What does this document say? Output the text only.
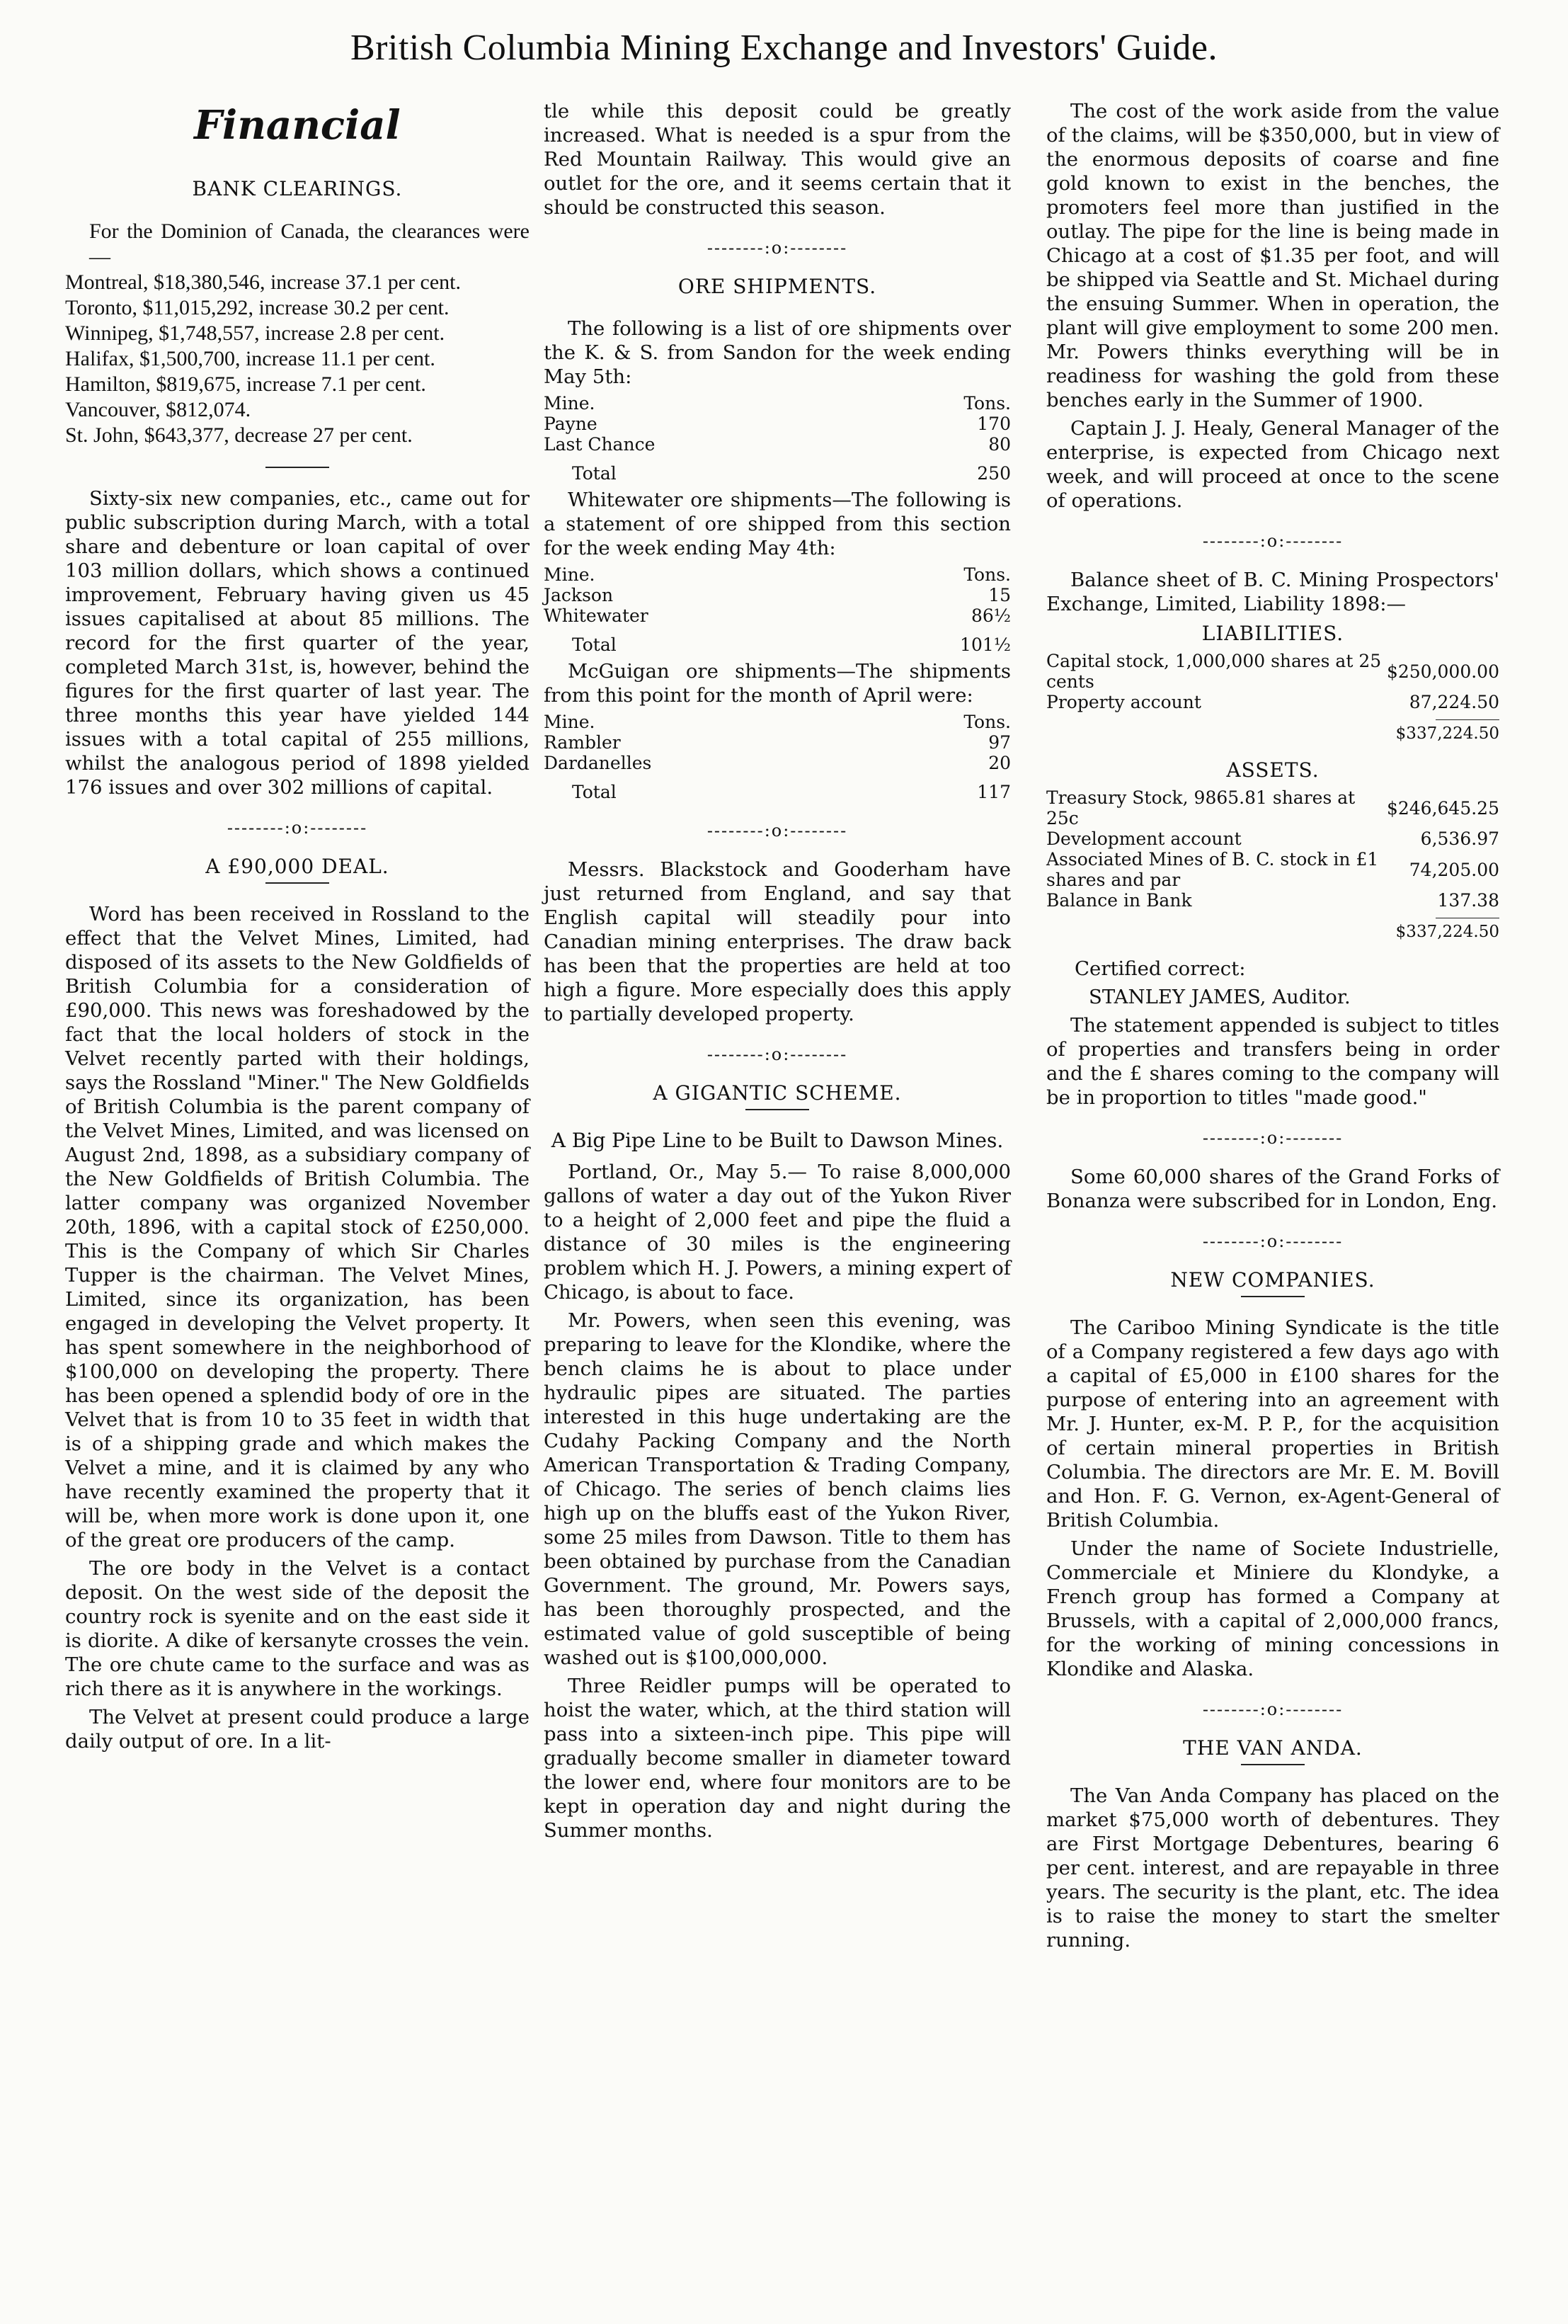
British Columbia Mining Exchange and Investors' Guide.
Financial
BANK CLEARINGS.

For the Dominion of Canada, the clearances were—

Montreal, $18,380,546, increase 37.1 per cent.

Toronto, $11,015,292, increase 30.2 per cent.

Winnipeg, $1,748,557, increase 2.8 per cent.

Halifax, $1,500,700, increase 11.1 per cent.

Hamilton, $819,675, increase 7.1 per cent.

Vancouver, $812,074.

St. John, $643,377, decrease 27 per cent.

Sixty-six new companies, etc., came out for public subscription during March, with a total share and debenture or loan capital of over 103 million dollars, which shows a continued improvement, February having given us 45 issues capitalised at about 85 millions. The record for the first quarter of the year, completed March 31st, is, however, behind the figures for the first quarter of last year. The three months this year have yielded 144 issues with a total capital of 255 millions, whilst the analogous period of 1898 yielded 176 issues and over 302 millions of capital.

--------:o:--------
A £90,000 DEAL.

Word has been received in Rossland to the effect that the Velvet Mines, Limited, had disposed of its assets to the New Goldfields of British Columbia for a consideration of £90,000. This news was foreshadowed by the fact that the local holders of stock in the Velvet recently parted with their holdings, says the Rossland "Miner." The New Goldfields of British Columbia is the parent company of the Velvet Mines, Limited, and was licensed on August 2nd, 1898, as a subsidiary company of the New Goldfields of British Columbia. The latter company was organized November 20th, 1896, with a capital stock of £250,000. This is the Company of which Sir Charles Tupper is the chairman. The Velvet Mines, Limited, since its organization, has been engaged in developing the Velvet property. It has spent somewhere in the neighborhood of $100,000 on developing the property. There has been opened a splendid body of ore in the Velvet that is from 10 to 35 feet in width that is of a shipping grade and which makes the Velvet a mine, and it is claimed by any who have recently examined the property that it will be, when more work is done upon it, one of the great ore producers of the camp.

The ore body in the Velvet is a contact deposit. On the west side of the deposit the country rock is syenite and on the east side it is diorite. A dike of kersanyte crosses the vein. The ore chute came to the surface and was as rich there as it is anywhere in the workings.

The Velvet at present could produce a large daily output of ore. In a lit-

tle while this deposit could be greatly increased. What is needed is a spur from the Red Mountain Railway. This would give an outlet for the ore, and it seems certain that it should be constructed this season.

--------:o:--------
ORE SHIPMENTS.

The following is a list of ore shipments over the K. & S. from Sandon for the week ending May 5th:

Mine.	Tons.
Payne	170
Last Chance	80
Total	250

Whitewater ore shipments—The following is a statement of ore shipped from this section for the week ending May 4th:

Mine.	Tons.
Jackson	15
Whitewater	86½
Total	101½

McGuigan ore shipments—The shipments from this point for the month of April were:

Mine.	Tons.
Rambler	97
Dardanelles	20
Total	117
--------:o:--------

Messrs. Blackstock and Gooderham have just returned from England, and say that English capital will steadily pour into Canadian mining enterprises. The draw back has been that the properties are held at too high a figure. More especially does this apply to partially developed property.

--------:o:--------
A GIGANTIC SCHEME.
A Big Pipe Line to be Built to Dawson Mines.

Portland, Or., May 5.— To raise 8,000,000 gallons of water a day out of the Yukon River to a height of 2,000 feet and pipe the fluid a distance of 30 miles is the engineering problem which H. J. Powers, a mining expert of Chicago, is about to face.

Mr. Powers, when seen this evening, was preparing to leave for the Klondike, where the bench claims he is about to place under hydraulic pipes are situated. The parties interested in this huge undertaking are the Cudahy Packing Company and the North American Transportation & Trading Company, of Chicago. The series of bench claims lies high up on the bluffs east of the Yukon River, some 25 miles from Dawson. Title to them has been obtained by purchase from the Canadian Government. The ground, Mr. Powers says, has been thoroughly prospected, and the estimated value of gold susceptible of being washed out is $100,000,000.

Three Reidler pumps will be operated to hoist the water, which, at the third station will pass into a sixteen-inch pipe. This pipe will gradually become smaller in diameter toward the lower end, where four monitors are to be kept in operation day and night during the Summer months.

The cost of the work aside from the value of the claims, will be $350,000, but in view of the enormous deposits of coarse and fine gold known to exist in the benches, the promoters feel more than justified in the outlay. The pipe for the line is being made in Chicago at a cost of $1.35 per foot, and will be shipped via Seattle and St. Michael during the ensuing Summer. When in operation, the plant will give employment to some 200 men. Mr. Powers thinks everything will be in readiness for washing the gold from these benches early in the Summer of 1900.

Captain J. J. Healy, General Manager of the enterprise, is expected from Chicago next week, and will proceed at once to the scene of operations.

--------:o:--------

Balance sheet of B. C. Mining Prospectors' Exchange, Limited, Liability 1898:—

LIABILITIES.
Capital stock, 1,000,000 shares at 25 cents	$250,000.00
Property account	87,224.50
$337,224.50
ASSETS.
Treasury Stock, 9865.81 shares at 25c	$246,645.25
Development account	6,536.97
Associated Mines of B. C. stock in £1 shares and par	74,205.00
Balance in Bank	137.38
$337,224.50

Certified correct:

STANLEY JAMES, Auditor.

The statement appended is subject to titles of properties and transfers being in order and the £ shares coming to the company will be in proportion to titles "made good."

--------:o:--------

Some 60,000 shares of the Grand Forks of Bonanza were subscribed for in London, Eng.

--------:o:--------
NEW COMPANIES.

The Cariboo Mining Syndicate is the title of a Company registered a few days ago with a capital of £5,000 in £100 shares for the purpose of entering into an agreement with Mr. J. Hunter, ex-M. P. P., for the acquisition of certain mineral properties in British Columbia. The directors are Mr. E. M. Bovill and Hon. F. G. Vernon, ex-Agent-General of British Columbia.

Under the name of Societe Industrielle, Commerciale et Miniere du Klondyke, a French group has formed a Company at Brussels, with a capital of 2,000,000 francs, for the working of mining concessions in Klondike and Alaska.

--------:o:--------
THE VAN ANDA.

The Van Anda Company has placed on the market $75,000 worth of debentures. They are First Mortgage Debentures, bearing 6 per cent. interest, and are repayable in three years. The security is the plant, etc. The idea is to raise the money to start the smelter running.
